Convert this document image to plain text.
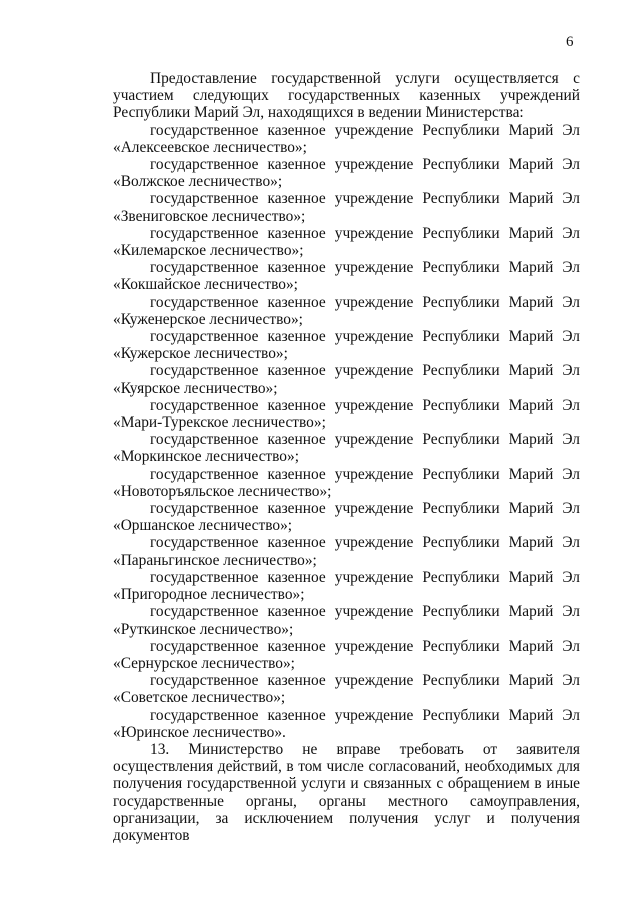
6

Предоставление государственной услуги осуществляется с участием следующих государственных казенных учреждений Республики Марий Эл, находящихся в ведении Министерства:

государственное казенное учреждение Республики Марий Эл
«Алексеевское лесничество»;
государственное казенное учреждение Республики Марий Эл
«Волжское лесничество»;
государственное казенное учреждение Республики Марий Эл
«Звениговское лесничество»;
государственное казенное учреждение Республики Марий Эл
«Килемарское лесничество»;
государственное казенное учреждение Республики Марий Эл
«Кокшайское лесничество»;
государственное казенное учреждение Республики Марий Эл
«Куженерское лесничество»;
государственное казенное учреждение Республики Марий Эл
«Кужерское лесничество»;
государственное казенное учреждение Республики Марий Эл
«Куярское лесничество»;
государственное казенное учреждение Республики Марий Эл
«Мари-Турекское лесничество»;
государственное казенное учреждение Республики Марий Эл
«Моркинское лесничество»;
государственное казенное учреждение Республики Марий Эл
«Новоторъяльское лесничество»;
государственное казенное учреждение Республики Марий Эл
«Оршанское лесничество»;
государственное казенное учреждение Республики Марий Эл
«Параньгинское лесничество»;
государственное казенное учреждение Республики Марий Эл
«Пригородное лесничество»;
государственное казенное учреждение Республики Марий Эл
«Руткинское лесничество»;
государственное казенное учреждение Республики Марий Эл
«Сернурское лесничество»;
государственное казенное учреждение Республики Марий Эл
«Советское лесничество»;
государственное казенное учреждение Республики Марий Эл
«Юринское лесничество».

13. Министерство не вправе требовать от заявителя осуществления действий, в том числе согласований, необходимых для получения государственной услуги и связанных с обращением в иные государственные органы, органы местного самоуправления, организации, за исключением получения услуг и получения документов
